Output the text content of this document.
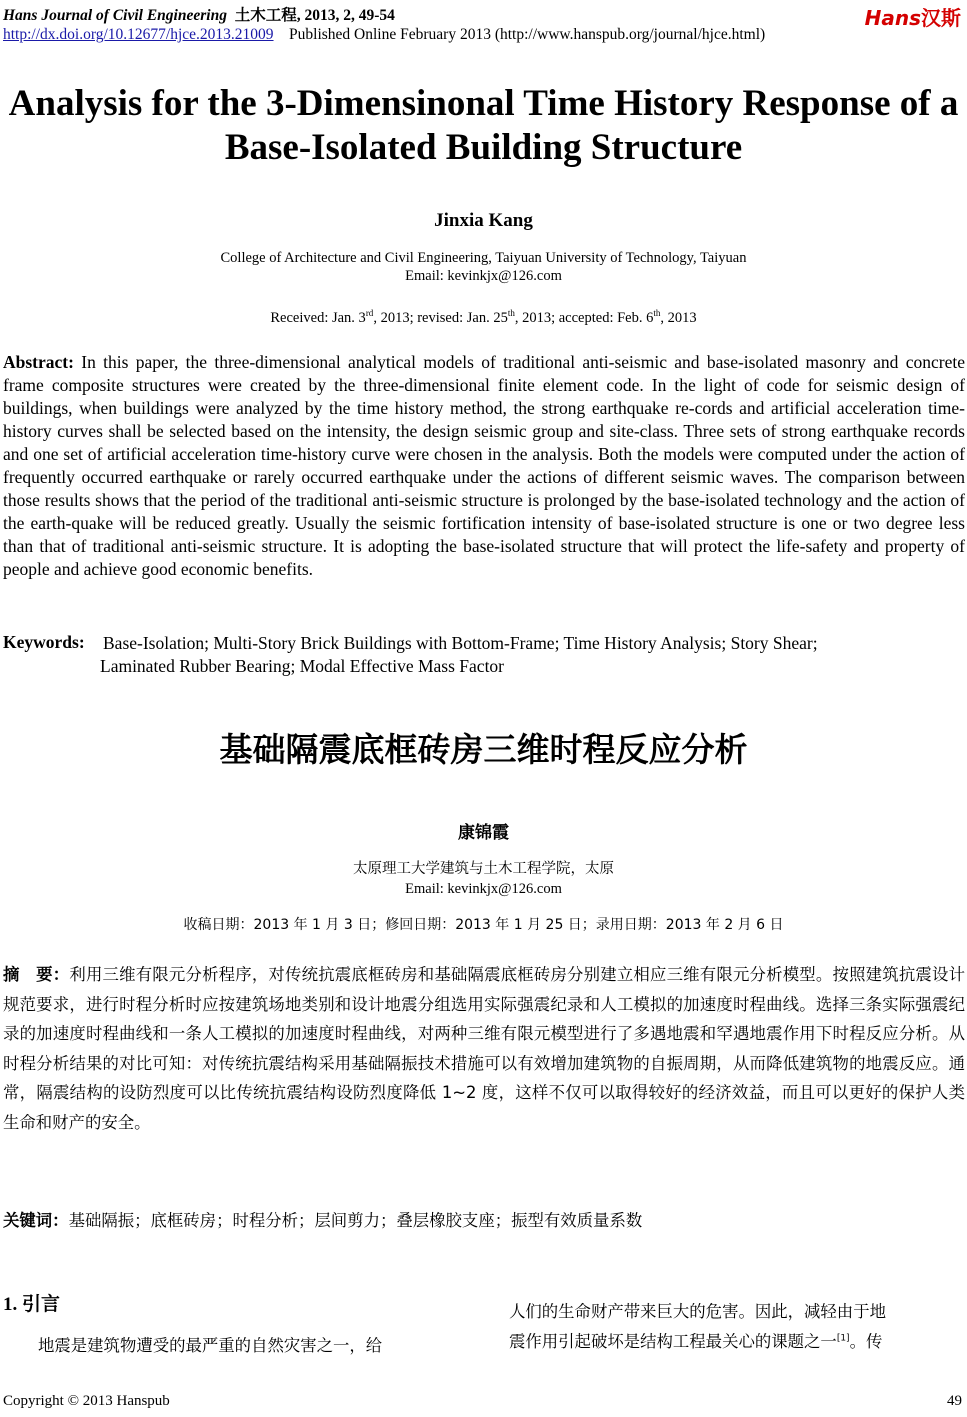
Hans Journal of Civil Engineering 土木工程, 2013, 2, 49-54
http://dx.doi.org/10.12677/hjce.2013.21009 Published Online February 2013 (http://www.hanspub.org/journal/hjce.html)
Hans汉斯
Analysis for the 3-Dimensinonal Time History Response of a
Base-Isolated Building Structure
Jinxia Kang
College of Architecture and Civil Engineering, Taiyuan University of Technology, Taiyuan
Email: kevinkjx@126.com
Received: Jan. 3rd, 2013; revised: Jan. 25th, 2013; accepted: Feb. 6th, 2013
Abstract: In this paper, the three-dimensional analytical models of traditional anti-seismic and base-isolated masonry and concrete frame composite structures were created by the three-dimensional finite element code. In the light of code for seismic design of buildings, when buildings were analyzed by the time history method, the strong earthquake re-cords and artificial acceleration time-history curves shall be selected based on the intensity, the design seismic group and site-class. Three sets of strong earthquake records and one set of artificial acceleration time-history curve were chosen in the analysis. Both the models were computed under the action of frequently occurred earthquake or rarely occurred earthquake under the actions of different seismic waves. The comparison between those results shows that the period of the traditional anti-seismic structure is prolonged by the base-isolated technology and the action of the earth-quake will be reduced greatly. Usually the seismic fortification intensity of base-isolated structure is one or two degree less than that of traditional anti-seismic structure. It is adopting the base-isolated structure that will protect the life-safety and property of people and achieve good economic benefits.
Keywords: Base-Isolation; Multi-Story Brick Buildings with Bottom-Frame; Time History Analysis; Story Shear;
Laminated Rubber Bearing; Modal Effective Mass Factor
基础隔震底框砖房三维时程反应分析
康锦霞
太原理工大学建筑与土木工程学院，太原
Email: kevinkjx@126.com
收稿日期：2013 年 1 月 3 日；修回日期：2013 年 1 月 25 日；录用日期：2013 年 2 月 6 日
摘　要：利用三维有限元分析程序，对传统抗震底框砖房和基础隔震底框砖房分别建立相应三维有限元分析模型。按照建筑抗震设计规范要求，进行时程分析时应按建筑场地类别和设计地震分组选用实际强震纪录和人工模拟的加速度时程曲线。选择三条实际强震纪录的加速度时程曲线和一条人工模拟的加速度时程曲线，对两种三维有限元模型进行了多遇地震和罕遇地震作用下时程反应分析。从时程分析结果的对比可知：对传统抗震结构采用基础隔振技术措施可以有效增加建筑物的自振周期，从而降低建筑物的地震反应。通常，隔震结构的设防烈度可以比传统抗震结构设防烈度降低 1~2 度，这样不仅可以取得较好的经济效益，而且可以更好的保护人类生命和财产的安全。
关键词：基础隔振；底框砖房；时程分析；层间剪力；叠层橡胶支座；振型有效质量系数
1. 引言
地震是建筑物遭受的最严重的自然灾害之一，给
人们的生命财产带来巨大的危害。因此，减轻由于地
震作用引起破坏是结构工程最关心的课题之一[1]。传
Copyright © 2013 Hanspub	49
